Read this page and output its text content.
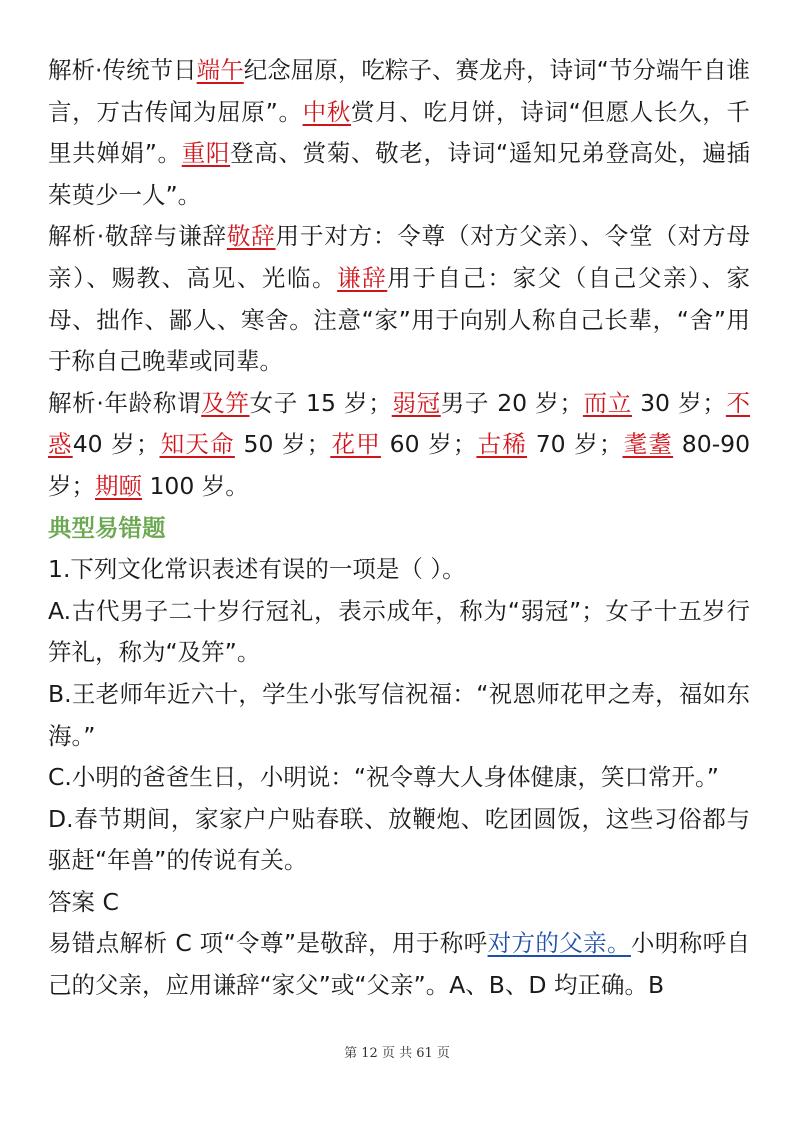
解析·传统节日端午纪念屈原，吃粽子、赛龙舟，诗词“节分端午自谁言，万古传闻为屈原”。中秋赏月、吃月饼，诗词“但愿人长久，千里共婵娟”。重阳登高、赏菊、敬老，诗词“遥知兄弟登高处，遍插茱萸少一人”。

解析·敬辞与谦辞敬辞用于对方：令尊（对方父亲）、令堂（对方母亲）、赐教、高见、光临。谦辞用于自己：家父（自己父亲）、家母、拙作、鄙人、寒舍。注意“家”用于向别人称自己长辈，“舍”用于称自己晚辈或同辈。

解析·年龄称谓及笄女子 15 岁；弱冠男子 20 岁；而立 30 岁；不惑40 岁；知天命 50 岁；花甲 60 岁；古稀 70 岁；耄耋 80-90 岁；期颐 100 岁。

典型易错题

1.下列文化常识表述有误的一项是（ ）。

A.古代男子二十岁行冠礼，表示成年，称为“弱冠”；女子十五岁行笄礼，称为“及笄”。

B.王老师年近六十，学生小张写信祝福：“祝恩师花甲之寿，福如东海。”

C.小明的爸爸生日，小明说：“祝令尊大人身体健康，笑口常开。”

D.春节期间，家家户户贴春联、放鞭炮、吃团圆饭，这些习俗都与驱赶“年兽”的传说有关。

答案 C

易错点解析 C 项“令尊”是敬辞，用于称呼对方的父亲。小明称呼自己的父亲，应用谦辞“家父”或“父亲”。A、B、D 均正确。B

第 12 页 共 61 页
